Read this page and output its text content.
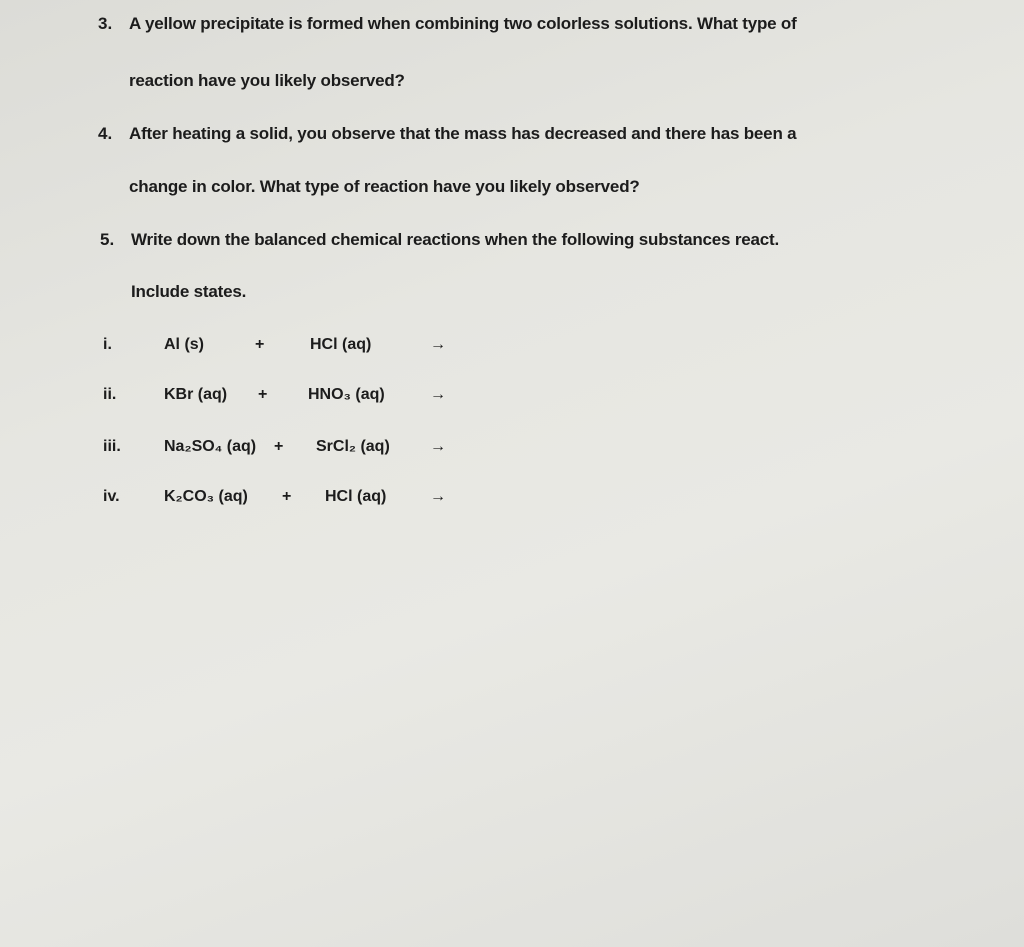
3. A yellow precipitate is formed when combining two colorless solutions. What type of
reaction have you likely observed?
4. After heating a solid, you observe that the mass has decreased and there has been a
change in color. What type of reaction have you likely observed?
5. Write down the balanced chemical reactions when the following substances react.
Include states.
i.	Al (s)	+	HCl (aq)	→
ii.	KBr (aq) +	HNO₃ (aq)	→
iii.	Na₂SO₄ (aq) + SrCl₂ (aq)	→
iv.	K₂CO₃ (aq) + HCl (aq)	→
